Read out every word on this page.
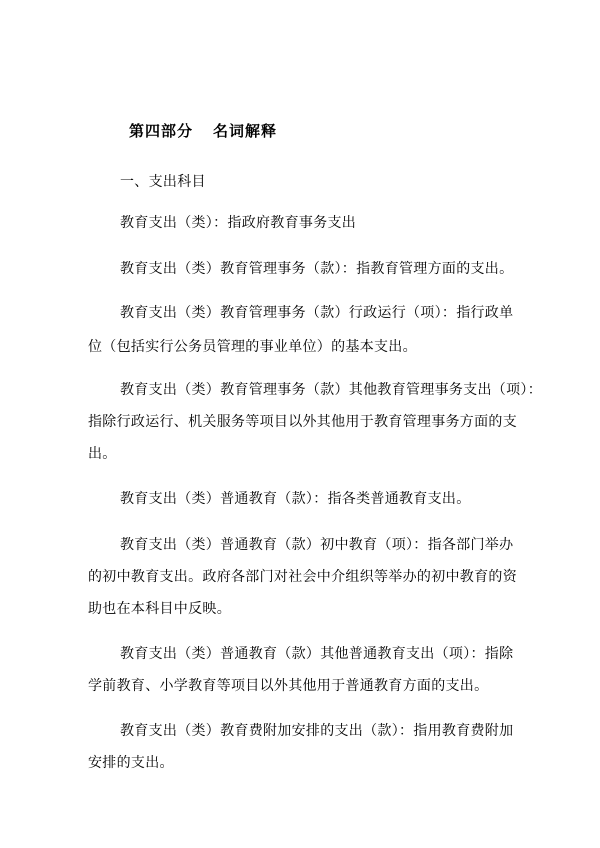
第四部分 名词解释
一、支出科目
教育支出（类）：指政府教育事务支出
教育支出（类）教育管理事务（款）：指教育管理方面的支出。
教育支出（类）教育管理事务（款）行政运行（项）：指行政单
位（包括实行公务员管理的事业单位）的基本支出。
教育支出（类）教育管理事务（款）其他教育管理事务支出（项）：
指除行政运行、机关服务等项目以外其他用于教育管理事务方面的支
出。
教育支出（类）普通教育（款）：指各类普通教育支出。
教育支出（类）普通教育（款）初中教育（项）：指各部门举办
的初中教育支出。政府各部门对社会中介组织等举办的初中教育的资
助也在本科目中反映。
教育支出（类）普通教育（款）其他普通教育支出（项）：指除
学前教育、小学教育等项目以外其他用于普通教育方面的支出。
教育支出（类）教育费附加安排的支出（款）：指用教育费附加
安排的支出。
